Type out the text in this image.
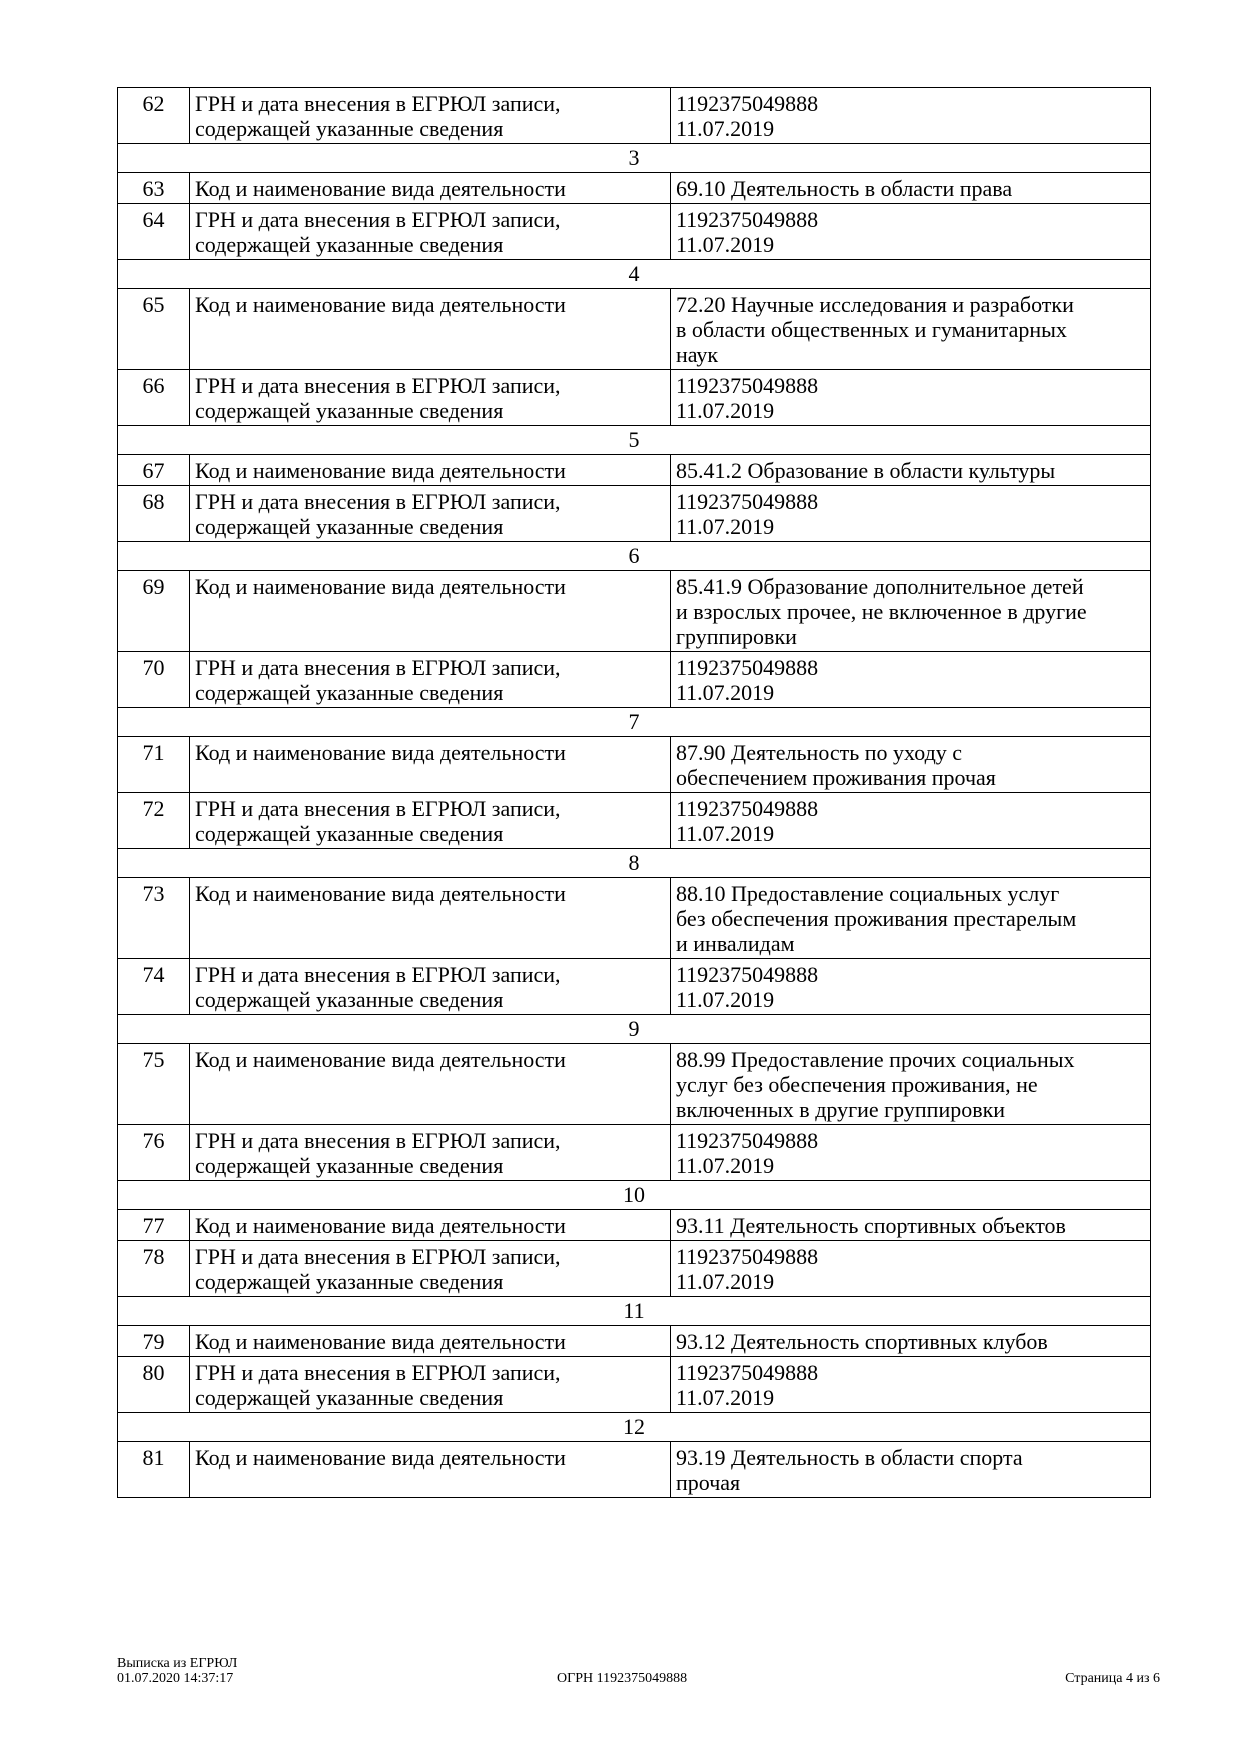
62	ГРН и дата внесения в ЕГРЮЛ записи,
содержащей указанные сведения	1192375049888
11.07.2019
3		
63	Код и наименование вида деятельности	69.10 Деятельность в области права
64	ГРН и дата внесения в ЕГРЮЛ записи,
содержащей указанные сведения	1192375049888
11.07.2019
4		
65	Код и наименование вида деятельности	72.20 Научные исследования и разработки
в области общественных и гуманитарных
наук
66	ГРН и дата внесения в ЕГРЮЛ записи,
содержащей указанные сведения	1192375049888
11.07.2019
5		
67	Код и наименование вида деятельности	85.41.2 Образование в области культуры
68	ГРН и дата внесения в ЕГРЮЛ записи,
содержащей указанные сведения	1192375049888
11.07.2019
6		
69	Код и наименование вида деятельности	85.41.9 Образование дополнительное детей
и взрослых прочее, не включенное в другие
группировки
70	ГРН и дата внесения в ЕГРЮЛ записи,
содержащей указанные сведения	1192375049888
11.07.2019
7		
71	Код и наименование вида деятельности	87.90 Деятельность по уходу с
обеспечением проживания прочая
72	ГРН и дата внесения в ЕГРЮЛ записи,
содержащей указанные сведения	1192375049888
11.07.2019
8		
73	Код и наименование вида деятельности	88.10 Предоставление социальных услуг
без обеспечения проживания престарелым
и инвалидам
74	ГРН и дата внесения в ЕГРЮЛ записи,
содержащей указанные сведения	1192375049888
11.07.2019
9		
75	Код и наименование вида деятельности	88.99 Предоставление прочих социальных
услуг без обеспечения проживания, не
включенных в другие группировки
76	ГРН и дата внесения в ЕГРЮЛ записи,
содержащей указанные сведения	1192375049888
11.07.2019
10		
77	Код и наименование вида деятельности	93.11 Деятельность спортивных объектов
78	ГРН и дата внесения в ЕГРЮЛ записи,
содержащей указанные сведения	1192375049888
11.07.2019
11		
79	Код и наименование вида деятельности	93.12 Деятельность спортивных клубов
80	ГРН и дата внесения в ЕГРЮЛ записи,
содержащей указанные сведения	1192375049888
11.07.2019
12		
81	Код и наименование вида деятельности	93.19 Деятельность в области спорта
прочая
Выписка из ЕГРЮЛ
01.07.2020 14:37:17	ОГРН 1192375049888	Страница 4 из 6
